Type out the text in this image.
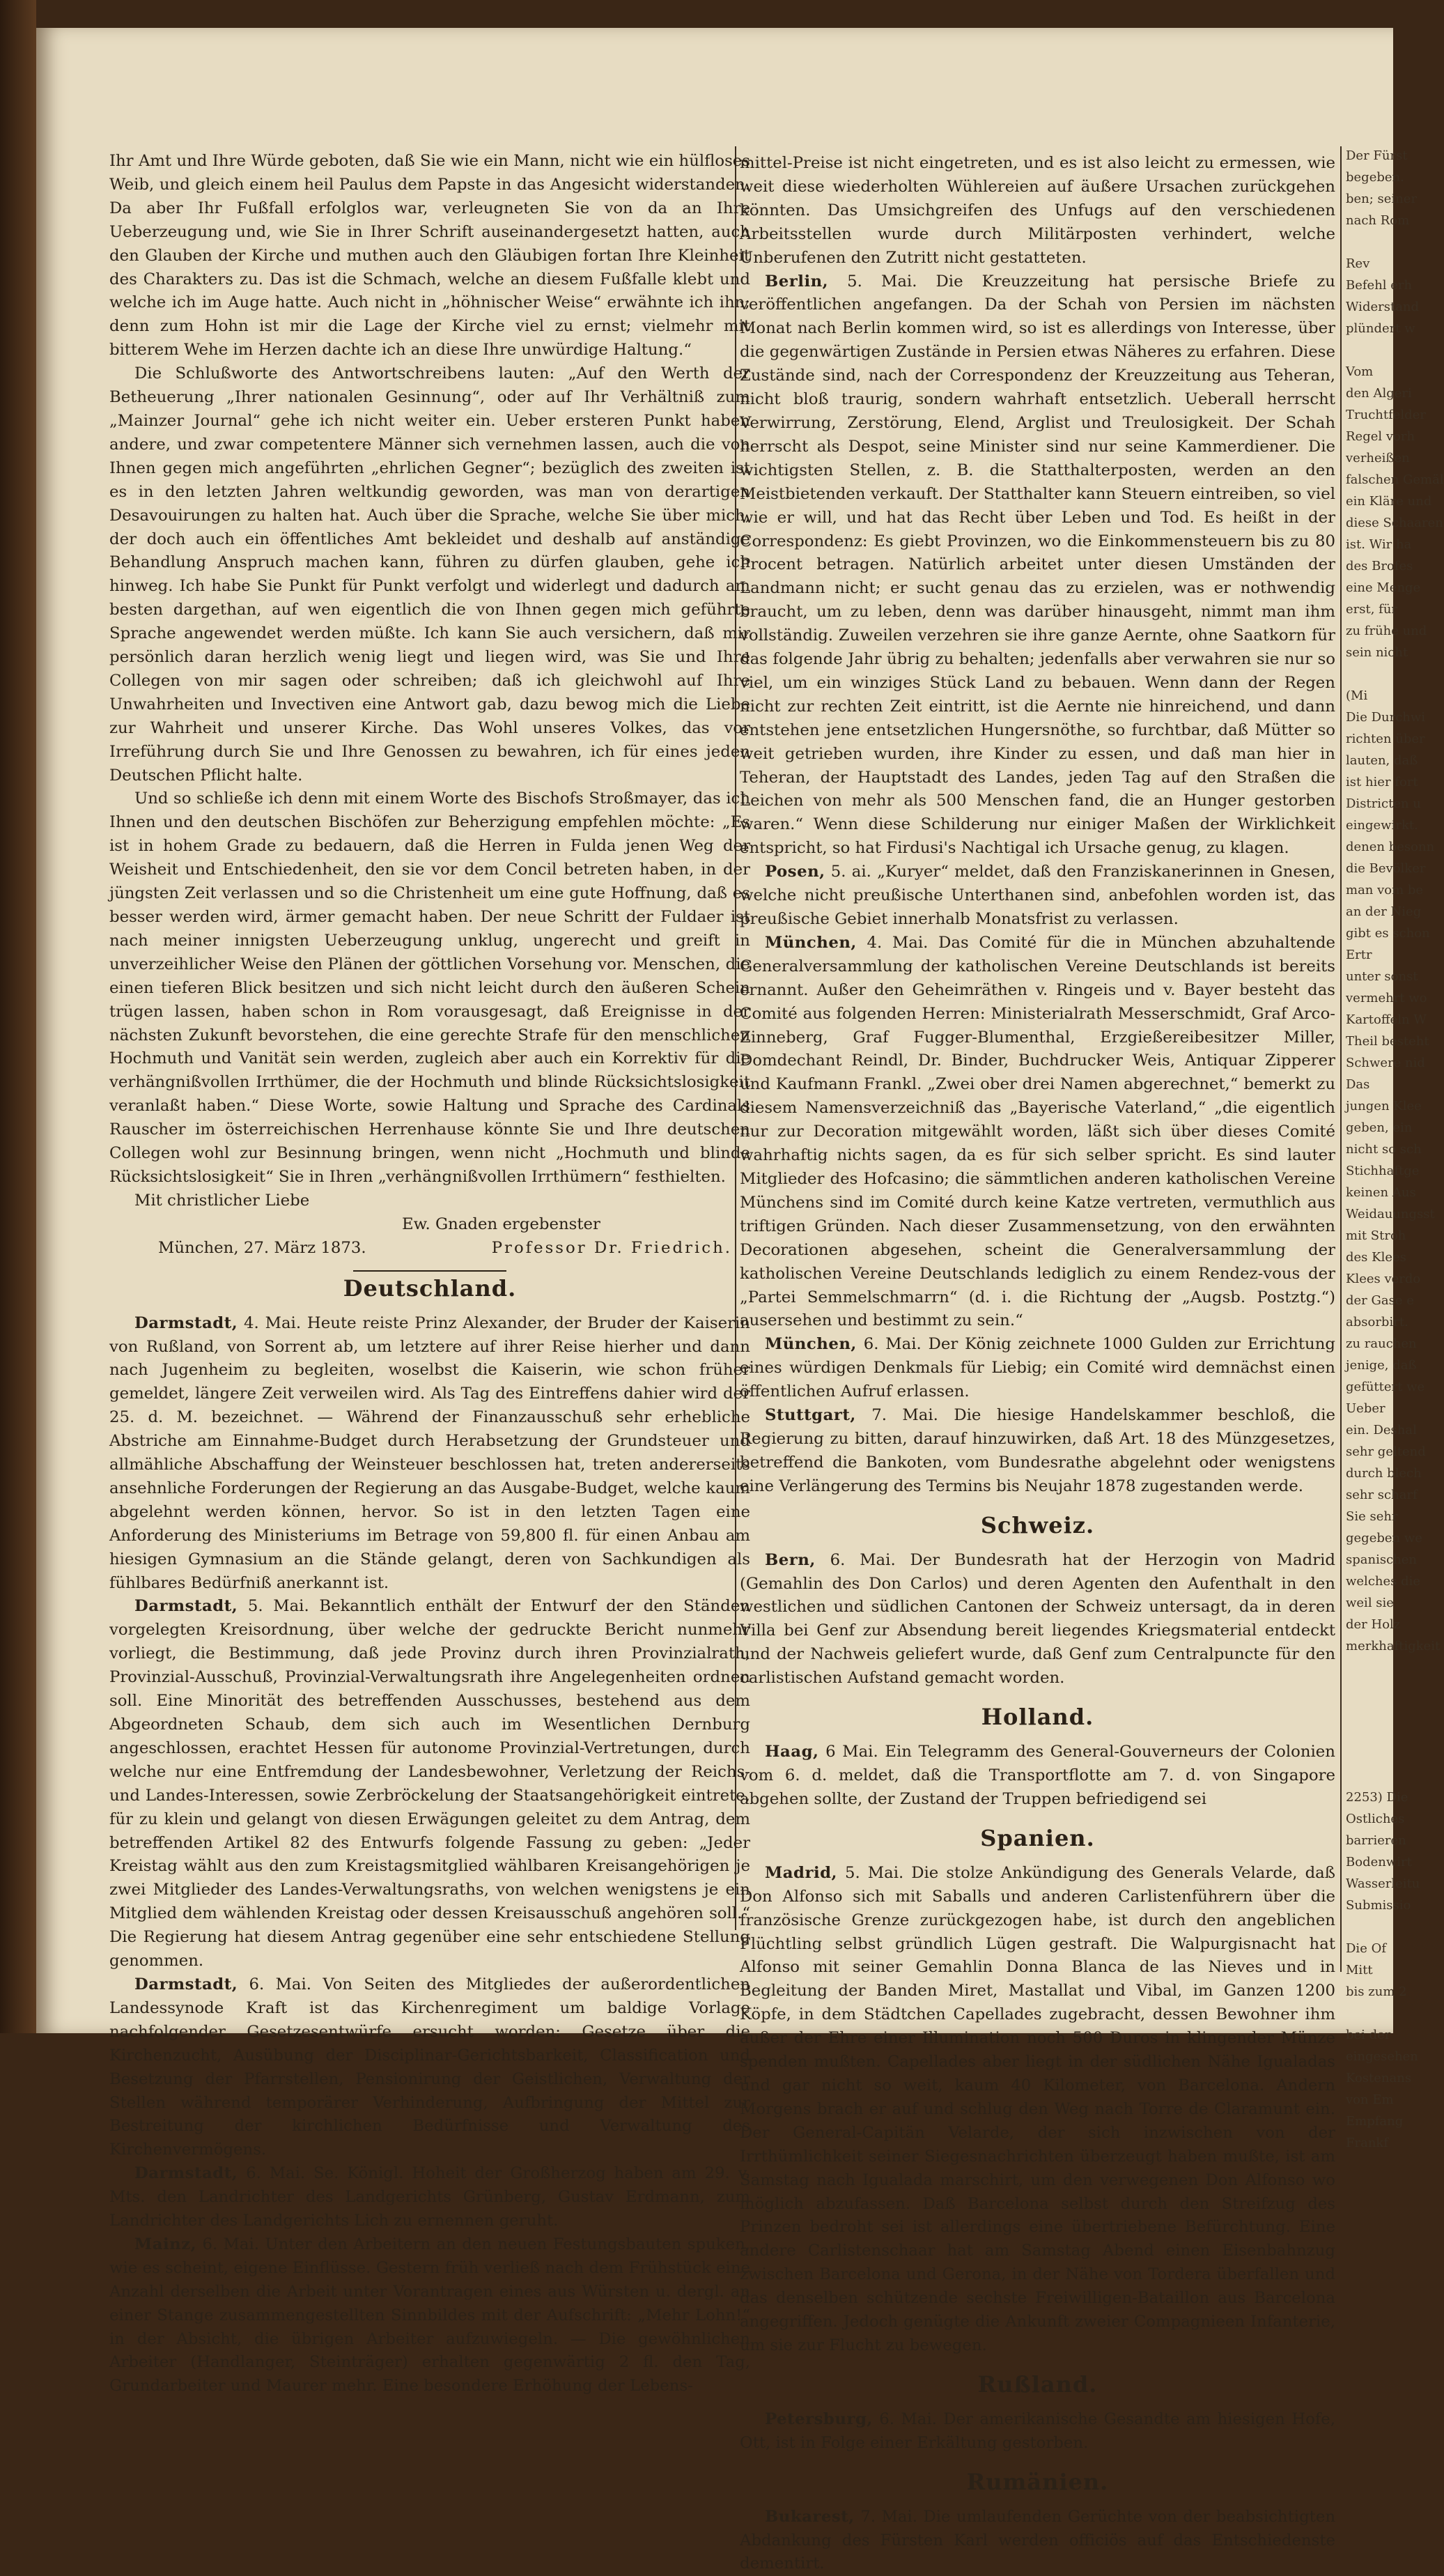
Ihr Amt und Ihre Würde geboten, daß Sie wie ein Mann, nicht wie ein hülfloses Weib, und gleich einem heil Paulus dem Papste in das Angesicht widerstanden. Da aber Ihr Fußfall erfolglos war, verleugneten Sie von da an Ihre Ueberzeugung und, wie Sie in Ihrer Schrift auseinandergesetzt hatten, auch den Glauben der Kirche und muthen auch den Gläubigen fortan Ihre Kleinheit des Charakters zu. Das ist die Schmach, welche an diesem Fußfalle klebt und welche ich im Auge hatte. Auch nicht in „höhnischer Weise“ erwähnte ich ihn; denn zum Hohn ist mir die Lage der Kirche viel zu ernst; vielmehr mit bitterem Wehe im Herzen dachte ich an diese Ihre unwürdige Haltung.“

Die Schlußworte des Antwortschreibens lauten: „Auf den Werth der Betheuerung „Ihrer nationalen Gesinnung“, oder auf Ihr Verhältniß zum „Mainzer Journal“ gehe ich nicht weiter ein. Ueber ersteren Punkt haben andere, und zwar competentere Männer sich vernehmen lassen, auch die von Ihnen gegen mich angeführten „ehrlichen Gegner“; bezüglich des zweiten ist es in den letzten Jahren weltkundig geworden, was man von derartigen Desavouirungen zu halten hat. Auch über die Sprache, welche Sie über mich, der doch auch ein öffentliches Amt bekleidet und deshalb auf anständige Behandlung Anspruch machen kann, führen zu dürfen glauben, gehe ich hinweg. Ich habe Sie Punkt für Punkt verfolgt und widerlegt und dadurch am besten dargethan, auf wen eigentlich die von Ihnen gegen mich geführte Sprache angewendet werden müßte. Ich kann Sie auch versichern, daß mir persönlich daran herzlich wenig liegt und liegen wird, was Sie und Ihre Collegen von mir sagen oder schreiben; daß ich gleichwohl auf Ihre Unwahrheiten und Invectiven eine Antwort gab, dazu bewog mich die Liebe zur Wahrheit und unserer Kirche. Das Wohl unseres Volkes, das vor Irreführung durch Sie und Ihre Genossen zu bewahren, ich für eines jeden Deutschen Pflicht halte.

Und so schließe ich denn mit einem Worte des Bischofs Stroßmayer, das ich Ihnen und den deutschen Bischöfen zur Beherzigung empfehlen möchte: „Es ist in hohem Grade zu bedauern, daß die Herren in Fulda jenen Weg der Weisheit und Entschiedenheit, den sie vor dem Concil betreten haben, in der jüngsten Zeit verlassen und so die Christenheit um eine gute Hoffnung, daß es besser werden wird, ärmer gemacht haben. Der neue Schritt der Fuldaer ist nach meiner innigsten Ueberzeugung unklug, ungerecht und greift in unverzeihlicher Weise den Plänen der göttlichen Vorsehung vor. Menschen, die einen tieferen Blick besitzen und sich nicht leicht durch den äußeren Schein trügen lassen, haben schon in Rom vorausgesagt, daß Ereignisse in der nächsten Zukunft bevorstehen, die eine gerechte Strafe für den menschlichen Hochmuth und Vanität sein werden, zugleich aber auch ein Korrektiv für die verhängnißvollen Irrthümer, die der Hochmuth und blinde Rücksichtslosigkeit veranlaßt haben.“ Diese Worte, sowie Haltung und Sprache des Cardinals Rauscher im österreichischen Herrenhause könnte Sie und Ihre deutschen Collegen wohl zur Besinnung bringen, wenn nicht „Hochmuth und blinde Rücksichtslosigkeit“ Sie in Ihren „verhängnißvollen Irrthümern“ festhielten.

Mit christlicher Liebe

Ew. Gnaden ergebenster

München, 27. März 1873.	Professor Dr. Friedrich.
Deutschland.

Darmstadt, 4. Mai. Heute reiste Prinz Alexander, der Bruder der Kaiserin von Rußland, von Sorrent ab, um letztere auf ihrer Reise hierher und dann nach Jugenheim zu begleiten, woselbst die Kaiserin, wie schon früher gemeldet, längere Zeit verweilen wird. Als Tag des Eintreffens dahier wird der 25. d. M. bezeichnet. — Während der Finanzausschuß sehr erhebliche Abstriche am Einnahme-Budget durch Herabsetzung der Grundsteuer und allmähliche Abschaffung der Weinsteuer beschlossen hat, treten andererseits ansehnliche Forderungen der Regierung an das Ausgabe-Budget, welche kaum abgelehnt werden können, hervor. So ist in den letzten Tagen eine Anforderung des Ministeriums im Betrage von 59,800 fl. für einen Anbau am hiesigen Gymnasium an die Stände gelangt, deren von Sachkundigen als fühlbares Bedürfniß anerkannt ist.

Darmstadt, 5. Mai. Bekanntlich enthält der Entwurf der den Ständen vorgelegten Kreisordnung, über welche der gedruckte Bericht nunmehr vorliegt, die Bestimmung, daß jede Provinz durch ihren Provinzialrath, Provinzial-Ausschuß, Provinzial-Verwaltungsrath ihre Angelegenheiten ordnen soll. Eine Minorität des betreffenden Ausschusses, bestehend aus dem Abgeordneten Schaub, dem sich auch im Wesentlichen Dernburg angeschlossen, erachtet Hessen für autonome Provinzial-Vertretungen, durch welche nur eine Entfremdung der Landesbewohner, Verletzung der Reichs- und Landes-Interessen, sowie Zerbröckelung der Staatsangehörigkeit eintrete, für zu klein und gelangt von diesen Erwägungen geleitet zu dem Antrag, dem betreffenden Artikel 82 des Entwurfs folgende Fassung zu geben: „Jeder Kreistag wählt aus den zum Kreistagsmitglied wählbaren Kreisangehörigen je zwei Mitglieder des Landes-Verwaltungsraths, von welchen wenigstens je ein Mitglied dem wählenden Kreistag oder dessen Kreisausschuß angehören soll.“ Die Regierung hat diesem Antrag gegenüber eine sehr entschiedene Stellung genommen.

Darmstadt, 6. Mai. Von Seiten des Mitgliedes der außerordentlichen Landessynode Kraft ist das Kirchenregiment um baldige Vorlage nachfolgender Gesetzesentwürfe ersucht worden: Gesetze über die Kirchenzucht, Ausübung der Disciplinar-Gerichtsbarkeit, Classification und Besetzung der Pfarrstellen, Pensionirung der Geistlichen, Verwaltung der Stellen während temporärer Verhinderung, Aufbringung der Mittel zur Bestreitung der kirchlichen Bedürfnisse und Verwaltung des Kirchenvermögens.

Darmstadt, 6. Mai. Se. Königl. Hoheit der Großherzog haben am 29. v. Mts. den Landrichter des Landgerichts Grünberg, Gustav Erdmann, zum Landrichter des Landgerichts Lich zu ernennen geruht.

Mainz, 6. Mai. Unter den Arbeitern an den neuen Festungsbauten spuken, wie es scheint, eigene Einflüsse. Gestern früh verließ nach dem Frühstück eine Anzahl derselben die Arbeit unter Vorantragen eines aus Würsten u. dergl. an einer Stange zusammengestellten Sinnbildes mit der Aufschrift: „Mehr Lohn!“ in der Absicht, die übrigen Arbeiter aufzuwiegeln. — Die gewöhnlichen Arbeiter (Handlanger, Steinträger) erhalten gegenwärtig 2 fl. den Tag, Grundarbeiter und Maurer mehr. Eine besondere Erhöhung der Lebens-

mittel-Preise ist nicht eingetreten, und es ist also leicht zu ermessen, wie weit diese wiederholten Wühlereien auf äußere Ursachen zurückgehen könnten. Das Umsichgreifen des Unfugs auf den verschiedenen Arbeitsstellen wurde durch Militärposten verhindert, welche Unberufenen den Zutritt nicht gestatteten.

Berlin, 5. Mai. Die Kreuzzeitung hat persische Briefe zu veröffentlichen angefangen. Da der Schah von Persien im nächsten Monat nach Berlin kommen wird, so ist es allerdings von Interesse, über die gegenwärtigen Zustände in Persien etwas Näheres zu erfahren. Diese Zustände sind, nach der Correspondenz der Kreuzzeitung aus Teheran, nicht bloß traurig, sondern wahrhaft entsetzlich. Ueberall herrscht Verwirrung, Zerstörung, Elend, Arglist und Treulosigkeit. Der Schah herrscht als Despot, seine Minister sind nur seine Kammerdiener. Die wichtigsten Stellen, z. B. die Statthalterposten, werden an den Meistbietenden verkauft. Der Statthalter kann Steuern eintreiben, so viel wie er will, und hat das Recht über Leben und Tod. Es heißt in der Correspondenz: Es giebt Provinzen, wo die Einkommensteuern bis zu 80 Procent betragen. Natürlich arbeitet unter diesen Umständen der Landmann nicht; er sucht genau das zu erzielen, was er nothwendig braucht, um zu leben, denn was darüber hinausgeht, nimmt man ihm vollständig. Zuweilen verzehren sie ihre ganze Aernte, ohne Saatkorn für das folgende Jahr übrig zu behalten; jedenfalls aber verwahren sie nur so viel, um ein winziges Stück Land zu bebauen. Wenn dann der Regen nicht zur rechten Zeit eintritt, ist die Aernte nie hinreichend, und dann entstehen jene entsetzlichen Hungersnöthe, so furchtbar, daß Mütter so weit getrieben wurden, ihre Kinder zu essen, und daß man hier in Teheran, der Hauptstadt des Landes, jeden Tag auf den Straßen die Leichen von mehr als 500 Menschen fand, die an Hunger gestorben waren.“ Wenn diese Schilderung nur einiger Maßen der Wirklichkeit entspricht, so hat Firdusi's Nachtigal ich Ursache genug, zu klagen.

Posen, 5. ai. „Kuryer“ meldet, daß den Franziskanerinnen in Gnesen, welche nicht preußische Unterthanen sind, anbefohlen worden ist, das preußische Gebiet innerhalb Monatsfrist zu verlassen.

München, 4. Mai. Das Comité für die in München abzuhaltende Generalversammlung der katholischen Vereine Deutschlands ist bereits ernannt. Außer den Geheimräthen v. Ringeis und v. Bayer besteht das Comité aus folgenden Herren: Ministerialrath Messerschmidt, Graf Arco-Zinneberg, Graf Fugger-Blumenthal, Erzgießereibesitzer Miller, Domdechant Reindl, Dr. Binder, Buchdrucker Weis, Antiquar Zipperer und Kaufmann Frankl. „Zwei ober drei Namen abgerechnet,“ bemerkt zu diesem Namensverzeichniß das „Bayerische Vaterland,“ „die eigentlich nur zur Decoration mitgewählt worden, läßt sich über dieses Comité wahrhaftig nichts sagen, da es für sich selber spricht. Es sind lauter Mitglieder des Hofcasino; die sämmtlichen anderen katholischen Vereine Münchens sind im Comité durch keine Katze vertreten, vermuthlich aus triftigen Gründen. Nach dieser Zusammensetzung, von den erwähnten Decorationen abgesehen, scheint die Generalversammlung der katholischen Vereine Deutschlands lediglich zu einem Rendez-vous der „Partei Semmelschmarrn“ (d. i. die Richtung der „Augsb. Postztg.“) ausersehen und bestimmt zu sein.“

München, 6. Mai. Der König zeichnete 1000 Gulden zur Errichtung eines würdigen Denkmals für Liebig; ein Comité wird demnächst einen öffentlichen Aufruf erlassen.

Stuttgart, 7. Mai. Die hiesige Handelskammer beschloß, die Regierung zu bitten, darauf hinzuwirken, daß Art. 18 des Münzgesetzes, betreffend die Bankoten, vom Bundesrathe abgelehnt oder wenigstens eine Verlängerung des Termins bis Neujahr 1878 zugestanden werde.

Schweiz.

Bern, 6. Mai. Der Bundesrath hat der Herzogin von Madrid (Gemahlin des Don Carlos) und deren Agenten den Aufenthalt in den westlichen und südlichen Cantonen der Schweiz untersagt, da in deren Villa bei Genf zur Absendung bereit liegendes Kriegsmaterial entdeckt und der Nachweis geliefert wurde, daß Genf zum Centralpuncte für den carlistischen Aufstand gemacht worden.

Holland.

Haag, 6 Mai. Ein Telegramm des General-Gouverneurs der Colonien vom 6. d. meldet, daß die Transportflotte am 7. d. von Singapore abgehen sollte, der Zustand der Truppen befriedigend sei

Spanien.

Madrid, 5. Mai. Die stolze Ankündigung des Generals Velarde, daß Don Alfonso sich mit Saballs und anderen Carlistenführern über die französische Grenze zurückgezogen habe, ist durch den angeblichen Flüchtling selbst gründlich Lügen gestraft. Die Walpurgisnacht hat Alfonso mit seiner Gemahlin Donna Blanca de las Nieves und in Begleitung der Banden Miret, Mastallat und Vibal, im Ganzen 1200 Köpfe, in dem Städtchen Capellades zugebracht, dessen Bewohner ihm außer der Ehre einer Illumination noch 500 Duros in klingender Münze spenden mußten. Capellades aber liegt in der südlichen Nähe Igualadas und gar nicht so weit, kaum 40 Kilometer, von Barcelona. Andern Morgens brach er auf und schlug den Weg nach Torre de Claramunt ein. Der General-Capitän Velarde, der sich inzwischen von der Irrthümlichkeit seiner Siegesnachrichten überzeugt haben mußte, ist am Samstag nach Igualada marschirt, um den verwegenen Don Alfonso wo möglich abzufassen. Daß Barcelona selbst durch den Streifzug des Prinzen bedroht sei ist allerdings eine übertriebene Befürchtung. Eine andere Carlistenschaar hat am Samstag Abend einen Eisenbahnzug zwischen Barcelona und Gerona, in der Nähe von Tordera überfallen und das denselben schützende sechste Freiwilligen-Bataillon aus Barcelona angegriffen. Jedoch genügte die Ankunft zweier Compagnieen Infanterie, um sie zur Flucht zu bewegen.

Rußland.

Petersburg, 6. Mai. Der amerikanische Gesandte am hiesigen Hofe, Ott, ist in Folge einer Erkältung gestorben.

Rumänien.

Bukarest, 7. Mai. Die umlaufenden Gerüchte von der beabsichtigten Abdankung des Fürsten Karl werden officiös auf das Entschiedenste dementirt.

Der Fürst
begeben.
ben; seiner
nach Rom

Rev
Befehl erh
Widerstand
plündert w

Vom
den Algeri
Truchtfelder
Regel vorh
verheißen
falschen Gemäl
ein Kläre und
diese Schaaren
ist. Wir ha
des Brofes
eine Menge
erst, für
zu frühe und
sein nicht

(Mi
Die Durchwi
richten über
lauten, daß
ist hier fort
Districten u
eingewirkt.
denen besonn
die Bevölker
man vom be
an der Nieg
gibt es schon
Ertr
unter sonst
vermehrt wo
Kartoffeln W
Theil besteht
Schwere nid
Das
jungen Klee
geben, ein
nicht so sch
Stichhaftge
keinen Aus
Weidauungsst
mit Stroh
des Klees
Klees verdo
der Gase e
absorbirt.
zu rauchen
jenige, daß
gefüttert we
Ueber
ein. Deshal
sehr geltend
durch blech
sehr scharf
Sie sehr
gegeben we
spanischen
welches die
weil sie
der Holz
merkhaftigkeit

2253) Die
Ostliches
barrieren
Bodenwirt
Wasserleitu
Submissio

Die Of
Mitt
bis zum 2

bei der
eingesehen
Kostenans
von Em
Empfang
Frankf
